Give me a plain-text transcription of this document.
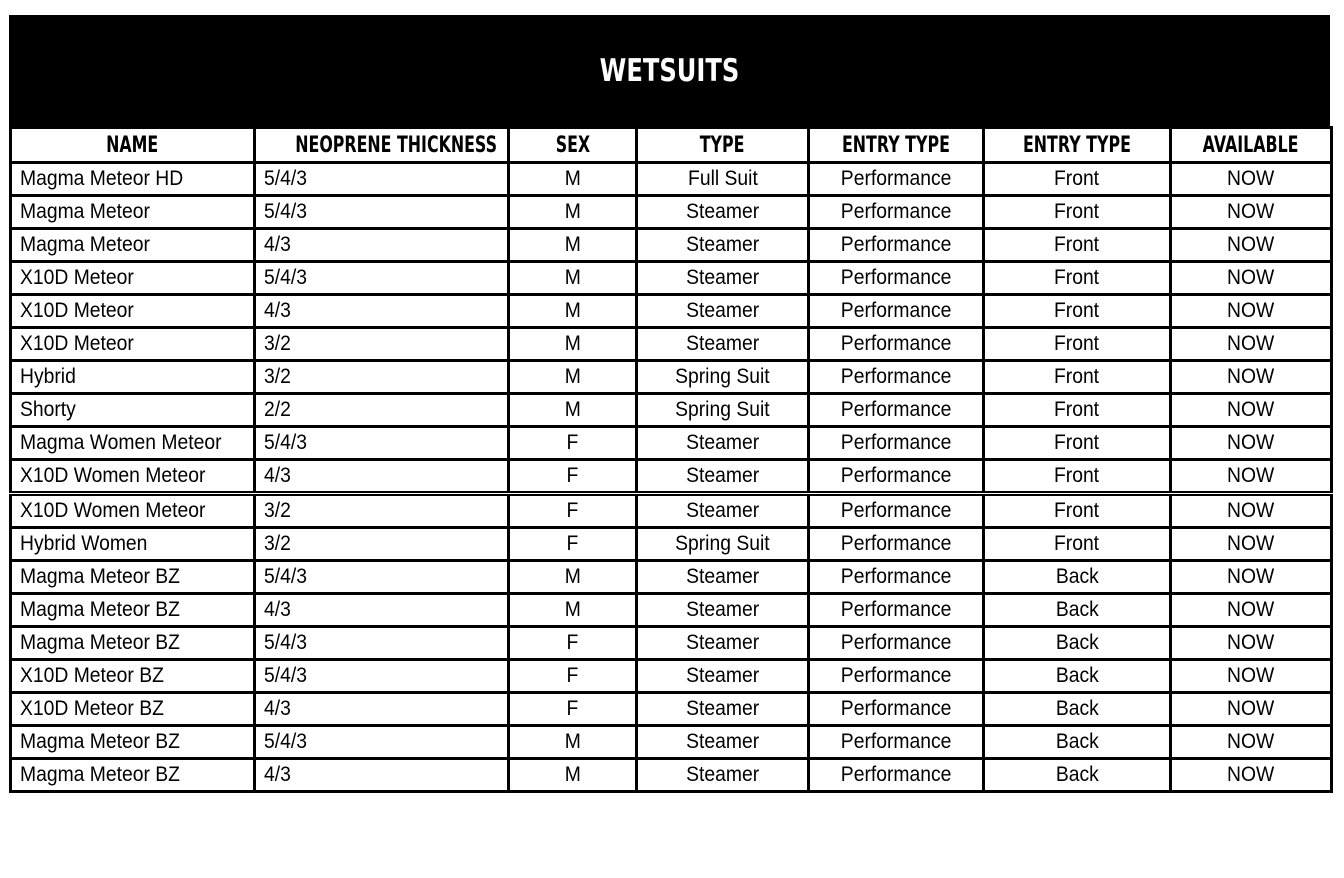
WETSUITS
NAME	NEOPRENE THICKNESS	SEX	TYPE	ENTRY TYPE	ENTRY TYPE	AVAILABLE
Magma Meteor HD	5/4/3	M	Full Suit	Performance	Front	NOW
Magma Meteor	5/4/3	M	Steamer	Performance	Front	NOW
Magma Meteor	4/3	M	Steamer	Performance	Front	NOW
X10D Meteor	5/4/3	M	Steamer	Performance	Front	NOW
X10D Meteor	4/3	M	Steamer	Performance	Front	NOW
X10D Meteor	3/2	M	Steamer	Performance	Front	NOW
Hybrid	3/2	M	Spring Suit	Performance	Front	NOW
Shorty	2/2	M	Spring Suit	Performance	Front	NOW
Magma Women Meteor	5/4/3	F	Steamer	Performance	Front	NOW
X10D Women Meteor	4/3	F	Steamer	Performance	Front	NOW
X10D Women Meteor	3/2	F	Steamer	Performance	Front	NOW
Hybrid Women	3/2	F	Spring Suit	Performance	Front	NOW
Magma Meteor BZ	5/4/3	M	Steamer	Performance	Back	NOW
Magma Meteor BZ	4/3	M	Steamer	Performance	Back	NOW
Magma Meteor BZ	5/4/3	F	Steamer	Performance	Back	NOW
X10D Meteor BZ	5/4/3	F	Steamer	Performance	Back	NOW
X10D Meteor BZ	4/3	F	Steamer	Performance	Back	NOW
Magma Meteor BZ	5/4/3	M	Steamer	Performance	Back	NOW
Magma Meteor BZ	4/3	M	Steamer	Performance	Back	NOW
